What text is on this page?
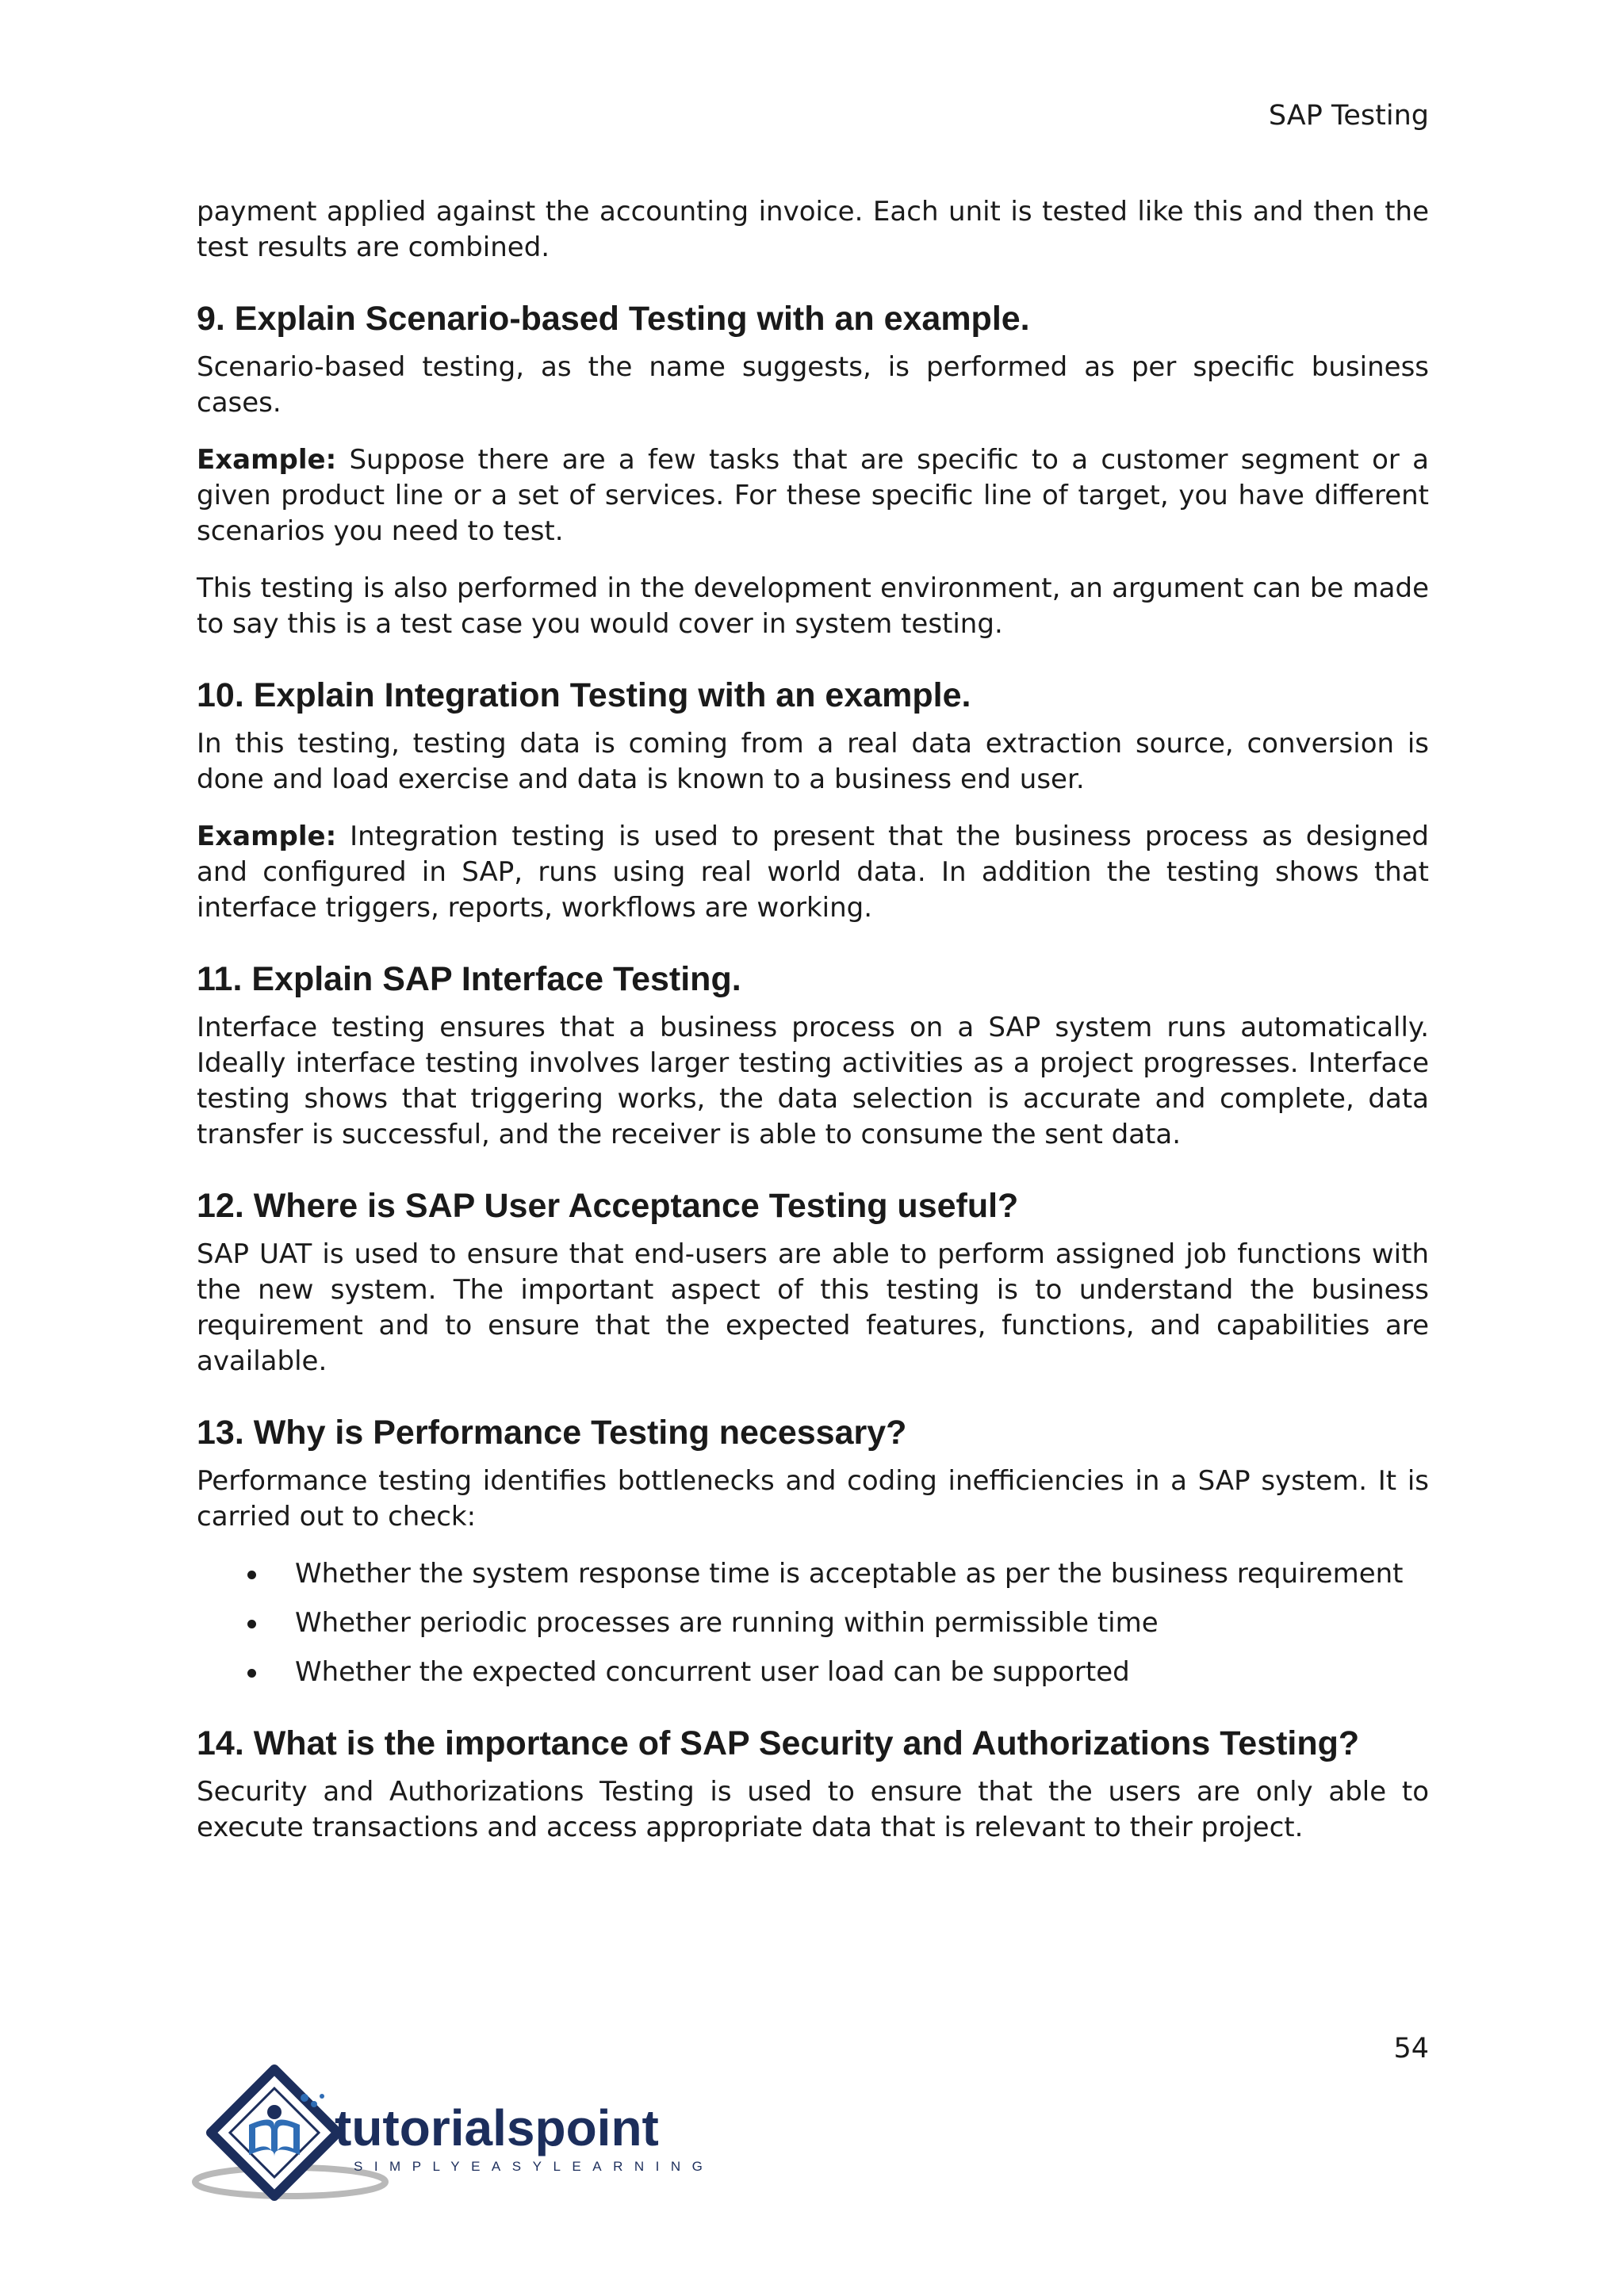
SAP Testing

payment applied against the accounting invoice. Each unit is tested like this and then the test results are combined.

9. Explain Scenario-based Testing with an example.

Scenario-based testing, as the name suggests, is performed as per specific business cases.

Example: Suppose there are a few tasks that are specific to a customer segment or a given product line or a set of services. For these specific line of target, you have different scenarios you need to test.

This testing is also performed in the development environment, an argument can be made to say this is a test case you would cover in system testing.

10. Explain Integration Testing with an example.

In this testing, testing data is coming from a real data extraction source, conversion is done and load exercise and data is known to a business end user.

Example: Integration testing is used to present that the business process as designed and configured in SAP, runs using real world data. In addition the testing shows that interface triggers, reports, workflows are working.

11. Explain SAP Interface Testing.

Interface testing ensures that a business process on a SAP system runs automatically. Ideally interface testing involves larger testing activities as a project progresses. Interface testing shows that triggering works, the data selection is accurate and complete, data transfer is successful, and the receiver is able to consume the sent data.

12. Where is SAP User Acceptance Testing useful?

SAP UAT is used to ensure that end-users are able to perform assigned job functions with the new system. The important aspect of this testing is to understand the business requirement and to ensure that the expected features, functions, and capabilities are available.

13. Why is Performance Testing necessary?

Performance testing identifies bottlenecks and coding inefficiencies in a SAP system. It is carried out to check:

Whether the system response time is acceptable as per the business requirement
Whether periodic processes are running within permissible time
Whether the expected concurrent user load can be supported
14. What is the importance of SAP Security and Authorizations Testing?

Security and Authorizations Testing is used to ensure that the users are only able to execute transactions and access appropriate data that is relevant to their project.

54
tutorialspoint
SIMPLYEASYLEARNING
